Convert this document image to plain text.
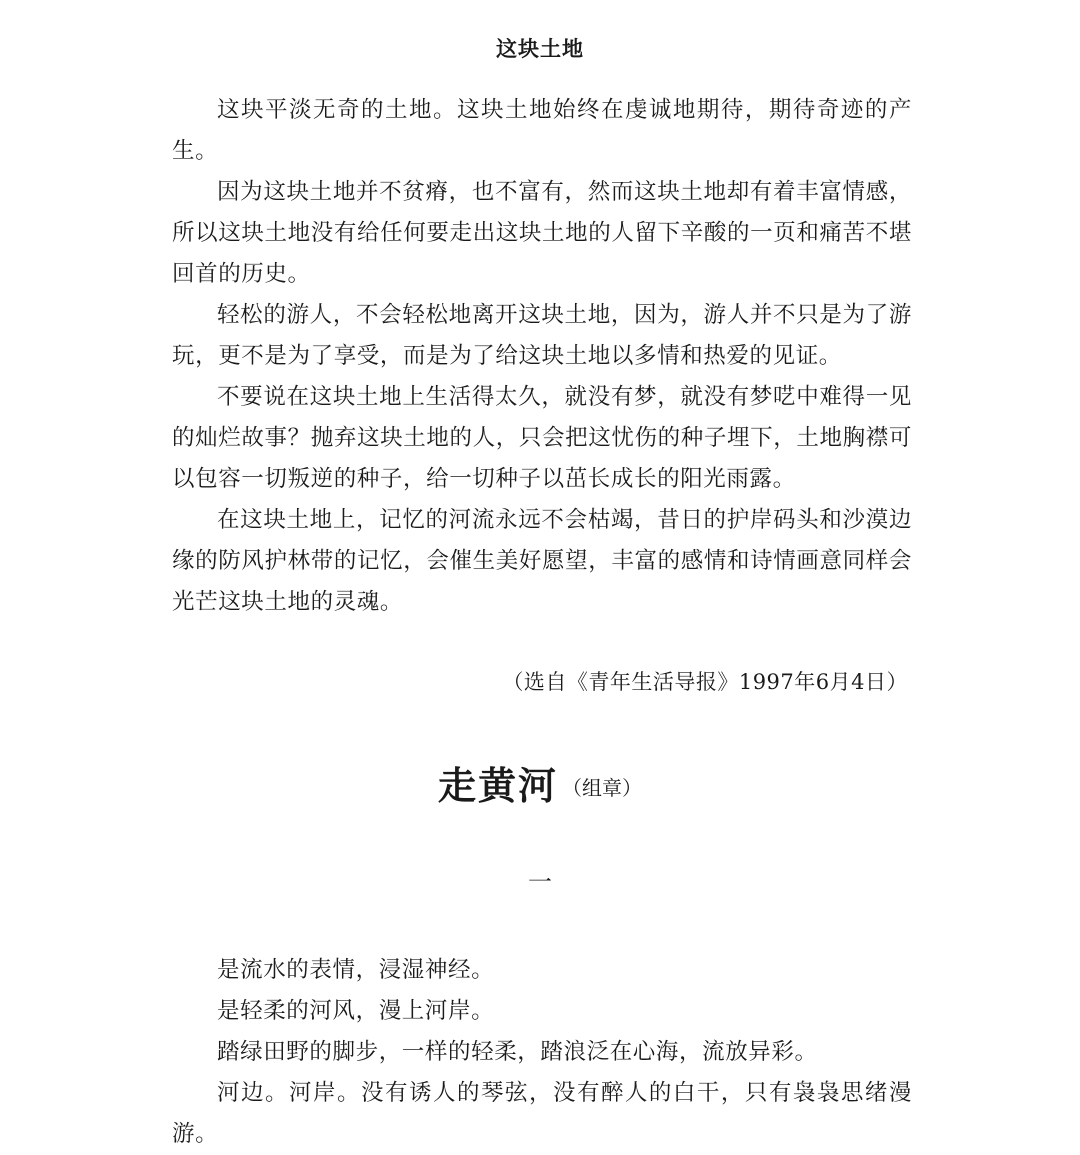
这块土地

这块平淡无奇的土地。这块土地始终在虔诚地期待，期待奇迹的产生。

因为这块土地并不贫瘠，也不富有，然而这块土地却有着丰富情感，所以这块土地没有给任何要走出这块土地的人留下辛酸的一页和痛苦不堪回首的历史。

轻松的游人，不会轻松地离开这块土地，因为，游人并不只是为了游玩，更不是为了享受，而是为了给这块土地以多情和热爱的见证。

不要说在这块土地上生活得太久，就没有梦，就没有梦呓中难得一见的灿烂故事？抛弃这块土地的人，只会把这忧伤的种子埋下，土地胸襟可以包容一切叛逆的种子，给一切种子以茁长成长的阳光雨露。

在这块土地上，记忆的河流永远不会枯竭，昔日的护岸码头和沙漠边缘的防风护林带的记忆，会催生美好愿望，丰富的感情和诗情画意同样会光芒这块土地的灵魂。

（选自《青年生活导报》1997年6月4日）
走黄河 （组章）
一

是流水的表情，浸湿神经。

是轻柔的河风，漫上河岸。

踏绿田野的脚步，一样的轻柔，踏浪泛在心海，流放异彩。

河边。河岸。没有诱人的琴弦，没有醉人的白干，只有袅袅思绪漫游。
